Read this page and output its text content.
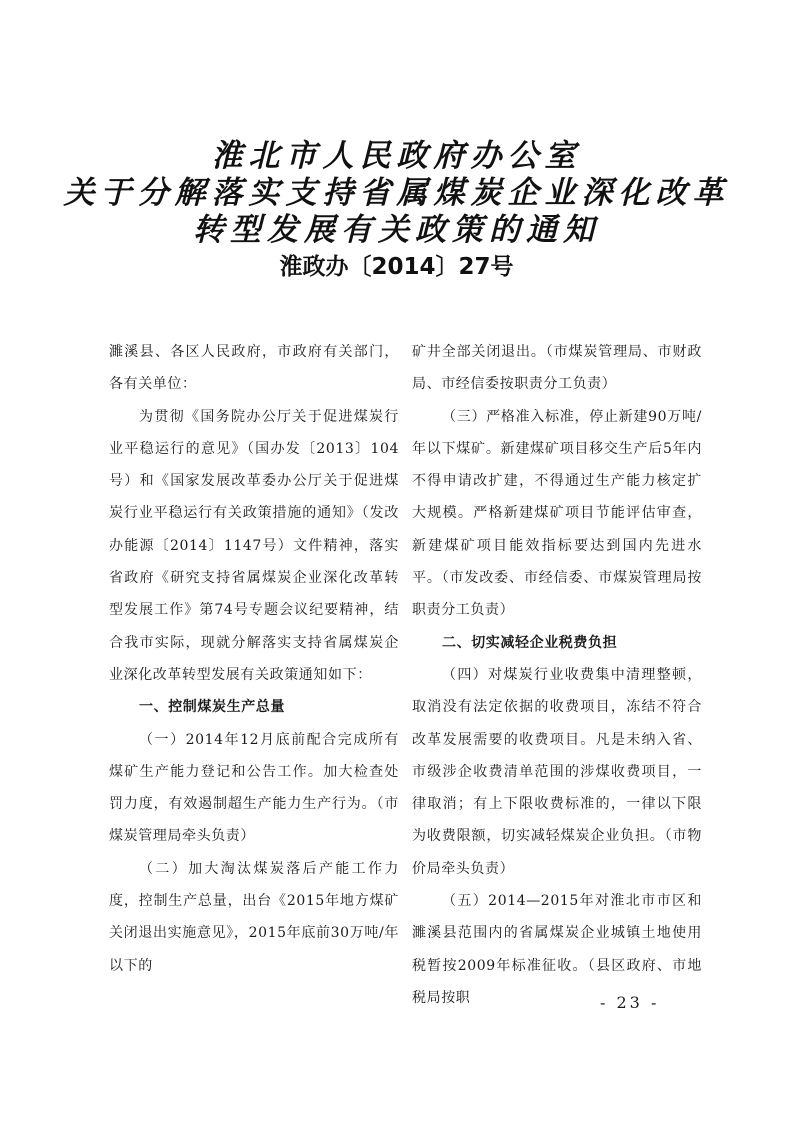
淮北市人民政府办公室
关于分解落实支持省属煤炭企业深化改革
转型发展有关政策的通知
淮政办〔2014〕27号

濉溪县、各区人民政府，市政府有关部门，各有关单位：

为贯彻《国务院办公厅关于促进煤炭行业平稳运行的意见》（国办发〔2013〕104号）和《国家发展改革委办公厅关于促进煤炭行业平稳运行有关政策措施的通知》（发改办能源〔2014〕1147号）文件精神，落实省政府《研究支持省属煤炭企业深化改革转型发展工作》第74号专题会议纪要精神，结合我市实际，现就分解落实支持省属煤炭企业深化改革转型发展有关政策通知如下：

一、控制煤炭生产总量

（一）2014年12月底前配合完成所有煤矿生产能力登记和公告工作。加大检查处罚力度，有效遏制超生产能力生产行为。（市煤炭管理局牵头负责）

（二）加大淘汰煤炭落后产能工作力度，控制生产总量，出台《2015年地方煤矿关闭退出实施意见》，2015年底前30万吨/年以下的

矿井全部关闭退出。（市煤炭管理局、市财政局、市经信委按职责分工负责）

（三）严格准入标准，停止新建90万吨/年以下煤矿。新建煤矿项目移交生产后5年内不得申请改扩建，不得通过生产能力核定扩大规模。严格新建煤矿项目节能评估审查，新建煤矿项目能效指标要达到国内先进水平。（市发改委、市经信委、市煤炭管理局按职责分工负责）

二、切实减轻企业税费负担

（四）对煤炭行业收费集中清理整顿，取消没有法定依据的收费项目，冻结不符合改革发展需要的收费项目。凡是未纳入省、市级涉企收费清单范围的涉煤收费项目，一律取消；有上下限收费标准的，一律以下限为收费限额，切实减轻煤炭企业负担。（市物价局牵头负责）

（五）2014—2015年对淮北市市区和濉溪县范围内的省属煤炭企业城镇土地使用税暂按2009年标准征收。（县区政府、市地税局按职	- 23 -
